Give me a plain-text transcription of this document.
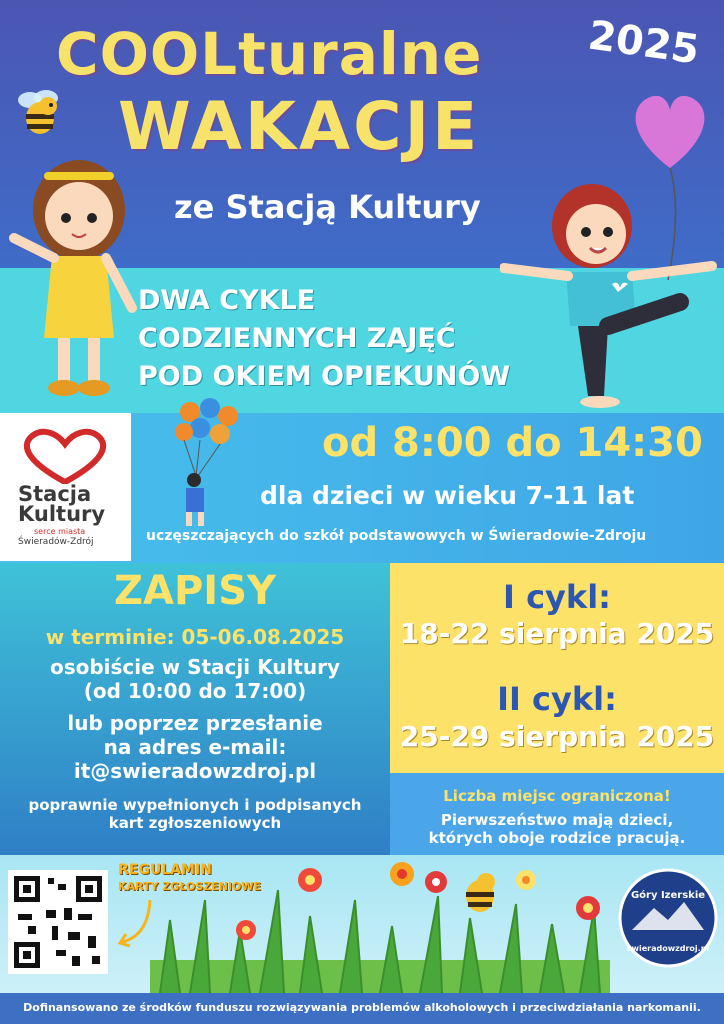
COOLturalne	2025
WAKACJE
ze Stacją Kultury
DWA CYKLE
CODZIENNYCH ZAJĘĆ
POD OKIEM OPIEKUNÓW
Stacja
Kultury
serce miasta
Świeradów-Zdrój
od 8:00 do 14:30
dla dzieci w wieku 7-11 lat
uczęszczających do szkół podstawowych w Świeradowie-Zdroju
ZAPISY
w terminie: 05-06.08.2025
osobiście w Stacji Kultury
(od 10:00 do 17:00)
lub poprzez przesłanie
na adres e-mail:
it@swieradowzdroj.pl
poprawnie wypełnionych i podpisanych
kart zgłoszeniowych
I cykl:
18-22 sierpnia 2025
II cykl:
25-29 sierpnia 2025
Liczba miejsc ograniczona!
Pierwszeństwo mają dzieci,
których oboje rodzice pracują.
REGULAMIN
KARTY ZGŁOSZENIOWE
Góry Izerskie
swieradowzdroj.pl
Dofinansowano ze środków funduszu rozwiązywania problemów alkoholowych i przeciwdziałania narkomanii.
